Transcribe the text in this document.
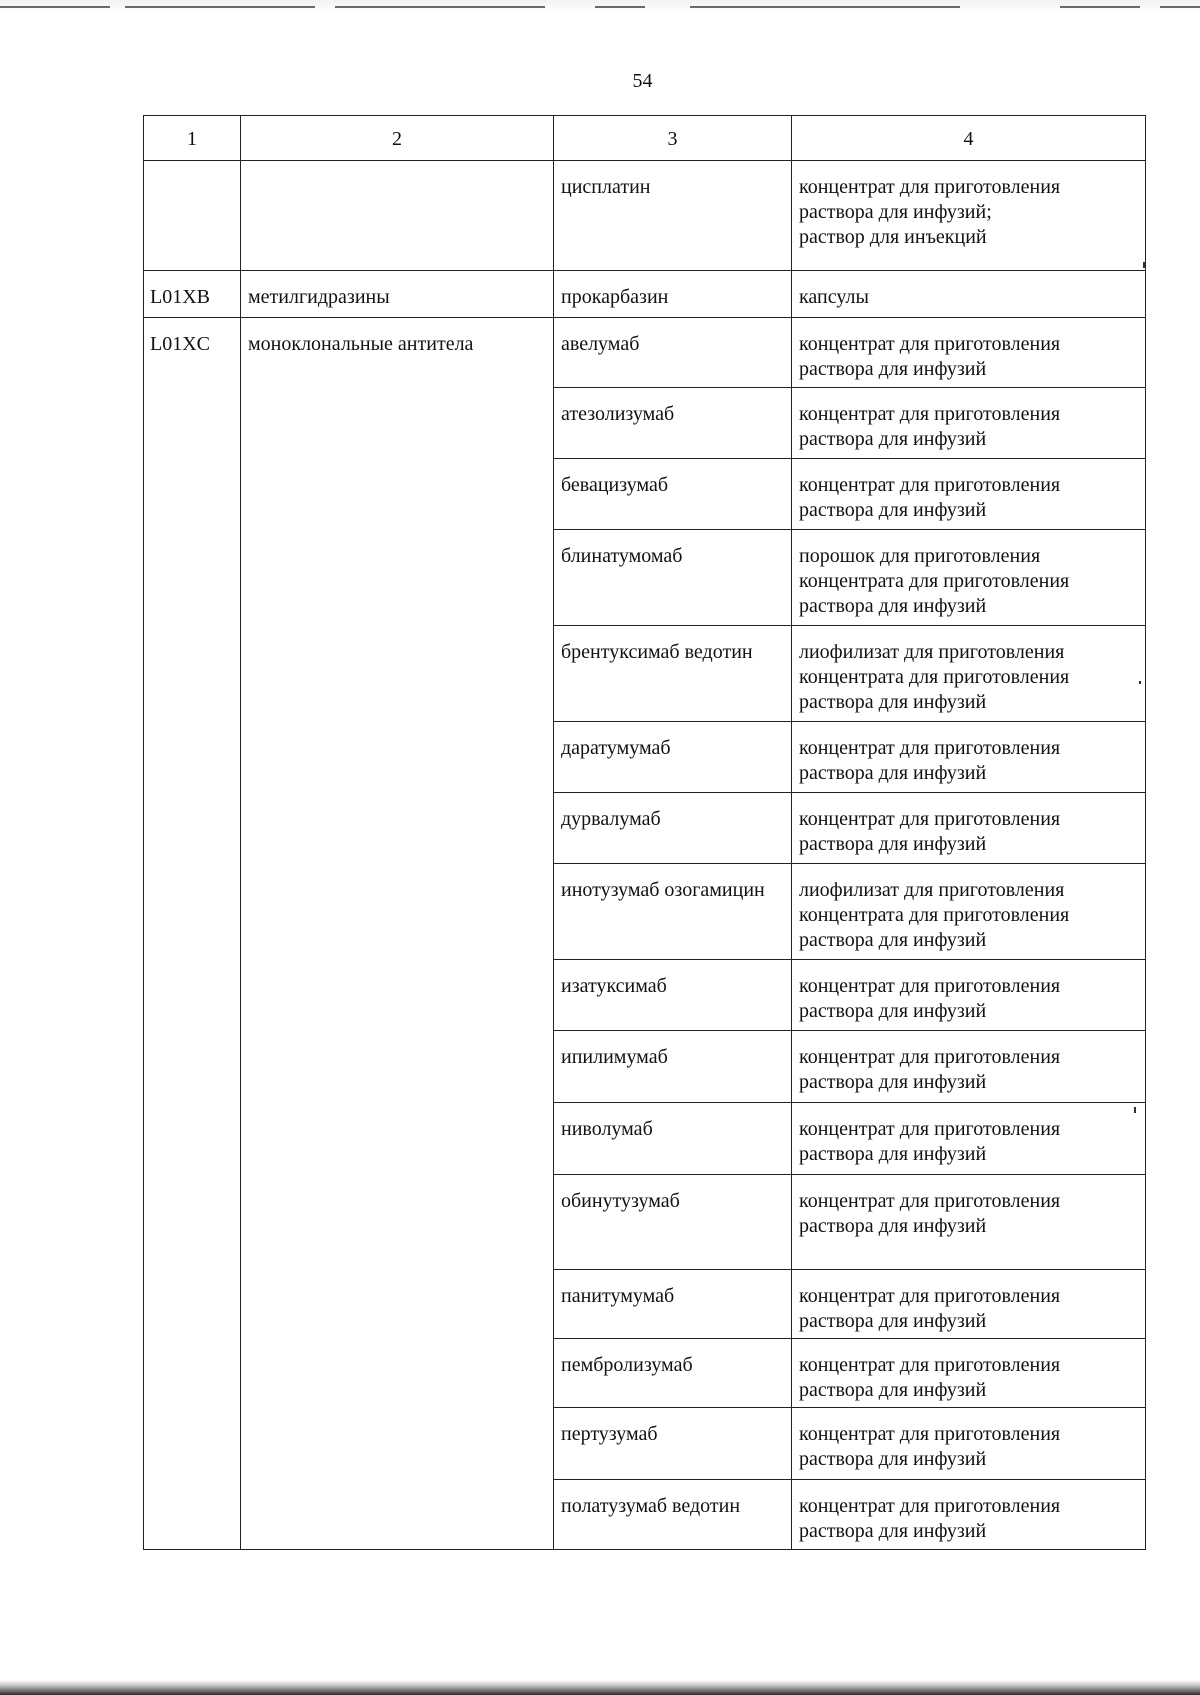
54
1	2	3	4
		цисплатин	концентрат для приготовления
раствора для инфузий;
раствор для инъекций
L01XB	метилгидразины	прокарбазин	капсулы
L01XC	моноклональные антитела	авелумаб	концентрат для приготовления
раствора для инфузий
		атезолизумаб	концентрат для приготовления
раствора для инфузий
		бевацизумаб	концентрат для приготовления
раствора для инфузий
		блинатумомаб	порошок для приготовления
концентрата для приготовления
раствора для инфузий
		брентуксимаб ведотин	лиофилизат для приготовления
концентрата для приготовления
раствора для инфузий
		даратумумаб	концентрат для приготовления
раствора для инфузий
		дурвалумаб	концентрат для приготовления
раствора для инфузий
		инотузумаб озогамицин	лиофилизат для приготовления
концентрата для приготовления
раствора для инфузий
		изатуксимаб	концентрат для приготовления
раствора для инфузий
		ипилимумаб	концентрат для приготовления
раствора для инфузий
		ниволумаб	концентрат для приготовления
раствора для инфузий
		обинутузумаб	концентрат для приготовления
раствора для инфузий
		панитумумаб	концентрат для приготовления
раствора для инфузий
		пембролизумаб	концентрат для приготовления
раствора для инфузий
		пертузумаб	концентрат для приготовления
раствора для инфузий
		полатузумаб ведотин	концентрат для приготовления
раствора для инфузий
